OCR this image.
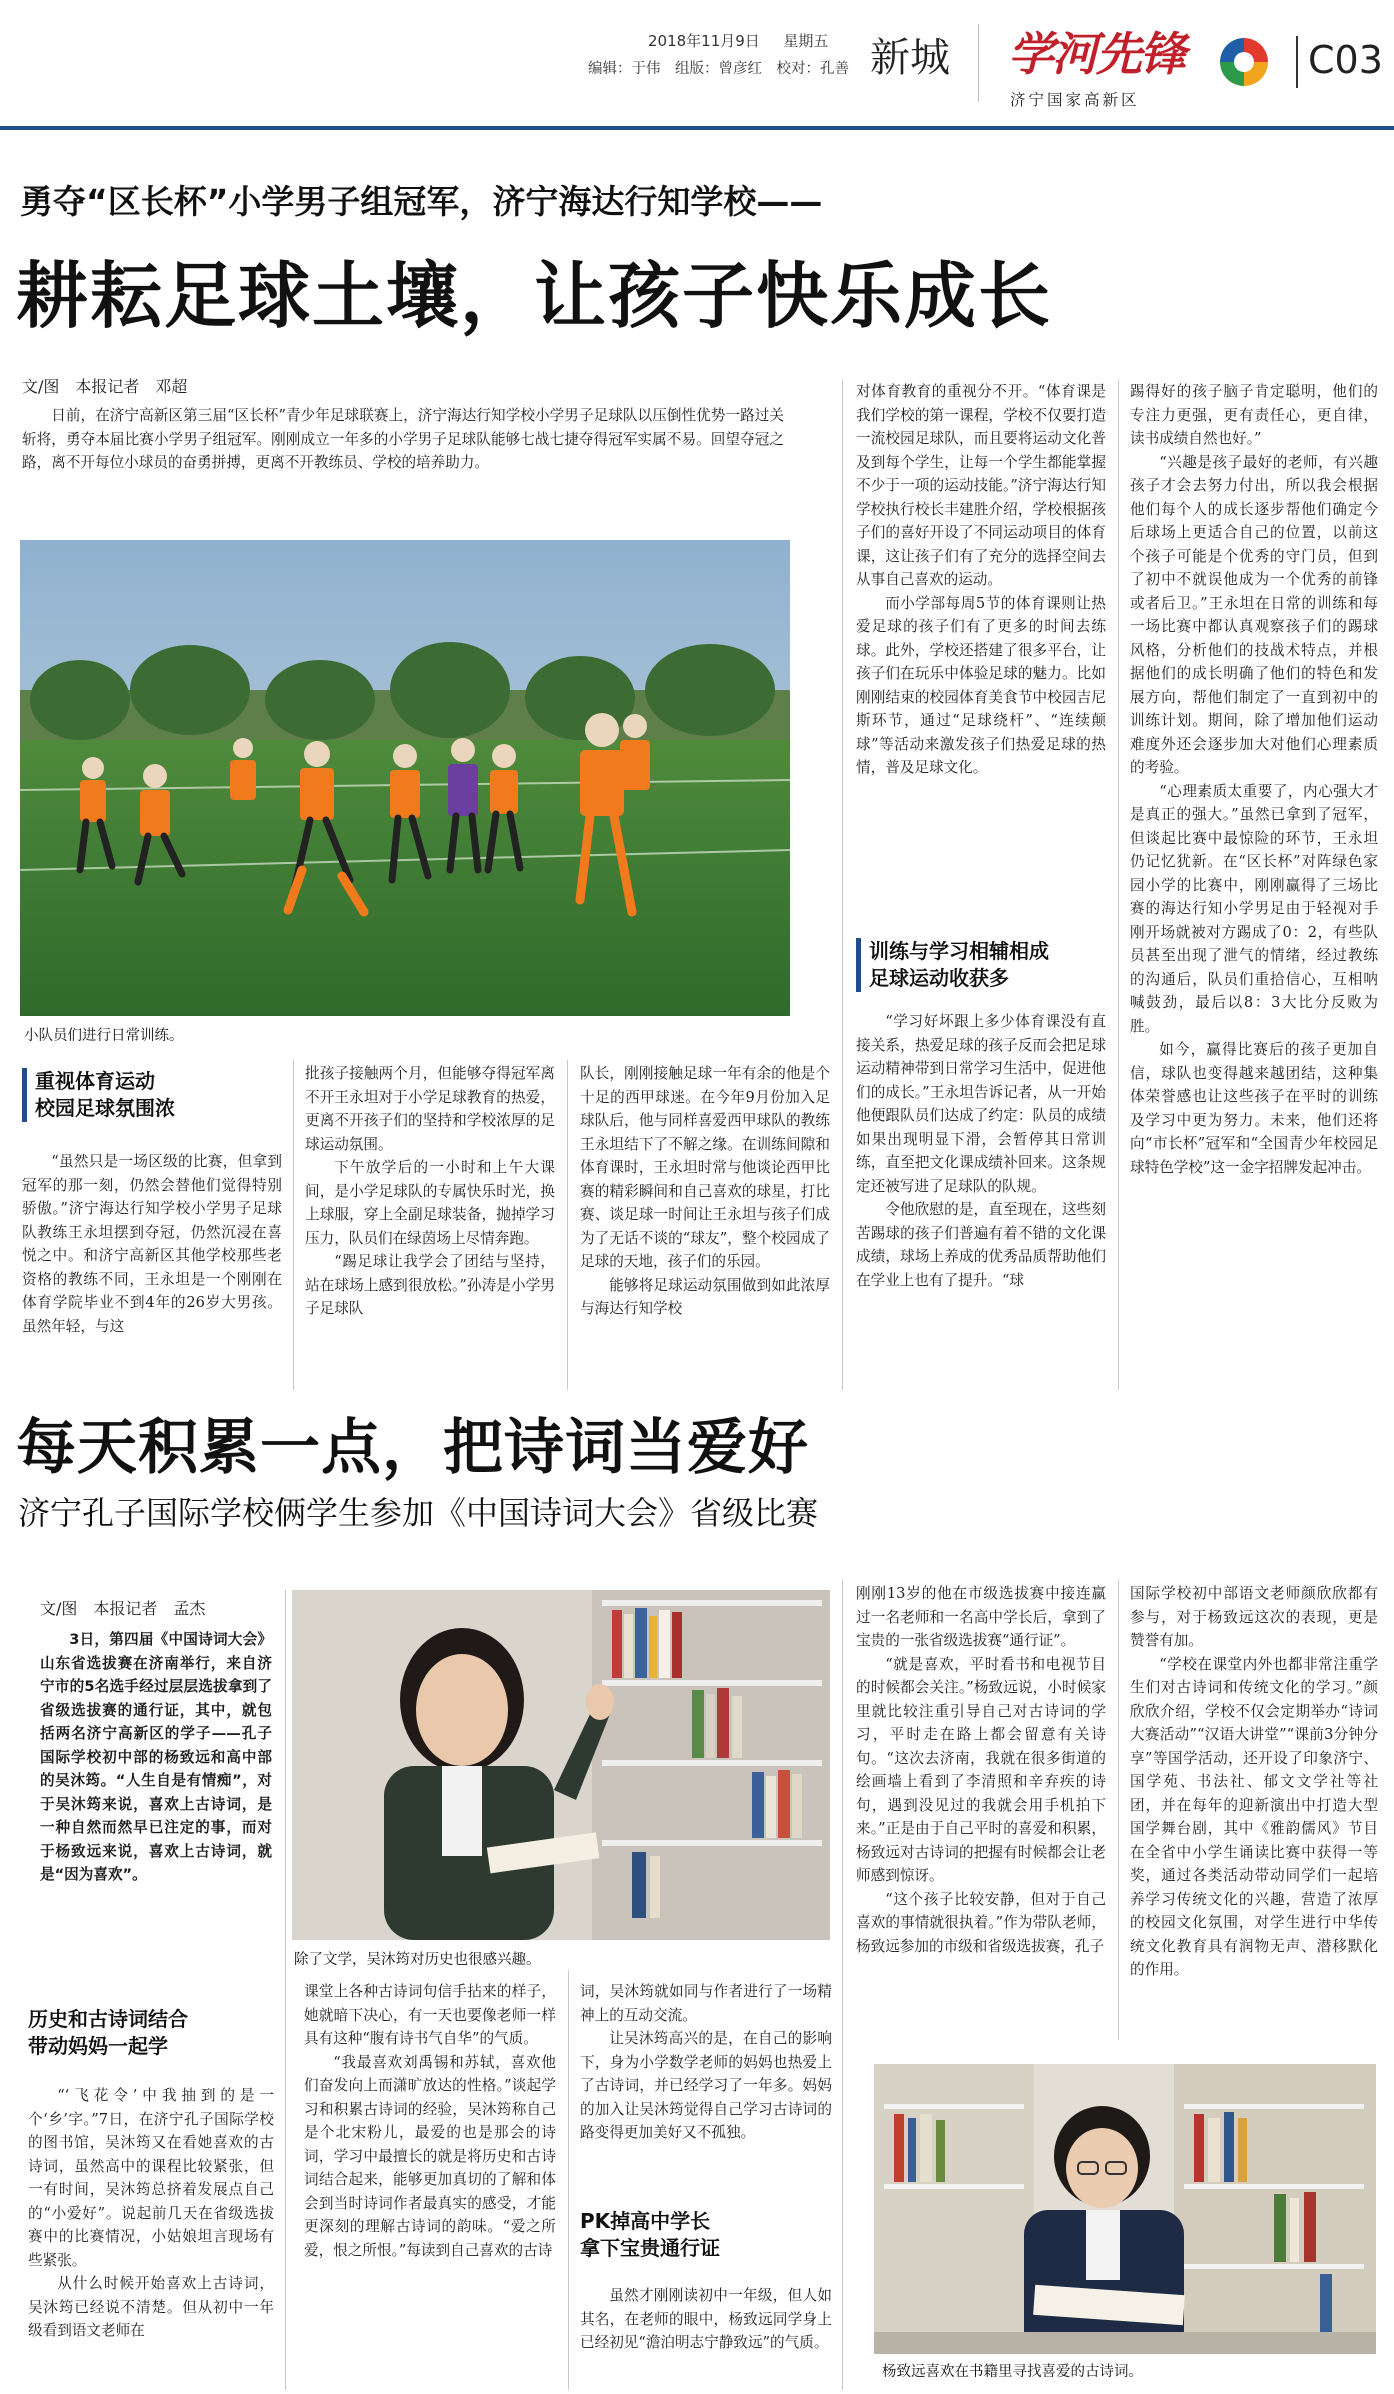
2018年11月9日 星期五
编辑：于伟　组版：曾彦红　校对：孔善 新城 学河先锋
济宁国家高新区
C03
勇夺“区长杯”小学男子组冠军，济宁海达行知学校——
耕耘足球土壤，让孩子快乐成长
文/图　本报记者　邓超

日前，在济宁高新区第三届“区长杯”青少年足球联赛上，济宁海达行知学校小学男子足球队以压倒性优势一路过关斩将，勇夺本届比赛小学男子组冠军。刚刚成立一年多的小学男子足球队能够七战七捷夺得冠军实属不易。回望夺冠之路，离不开每位小球员的奋勇拼搏，更离不开教练员、学校的培养助力。

小队员们进行日常训练。
重视体育运动
校园足球氛围浓

“虽然只是一场区级的比赛，但拿到冠军的那一刻，仍然会替他们觉得特别骄傲。”济宁海达行知学校小学男子足球队教练王永坦摆到夺冠，仍然沉浸在喜悦之中。和济宁高新区其他学校那些老资格的教练不同，王永坦是一个刚刚在体育学院毕业不到4年的26岁大男孩。虽然年轻，与这

批孩子接触两个月，但能够夺得冠军离不开王永坦对于小学足球教育的热爱，更离不开孩子们的坚持和学校浓厚的足球运动氛围。

下午放学后的一小时和上午大课间，是小学足球队的专属快乐时光，换上球服，穿上全副足球装备，抛掉学习压力，队员们在绿茵场上尽情奔跑。

“踢足球让我学会了团结与坚持，站在球场上感到很放松。”孙涛是小学男子足球队

队长，刚刚接触足球一年有余的他是个十足的西甲球迷。在今年9月份加入足球队后，他与同样喜爱西甲球队的教练王永坦结下了不解之缘。在训练间隙和体育课时，王永坦时常与他谈论西甲比赛的精彩瞬间和自己喜欢的球星，打比赛、谈足球一时间让王永坦与孩子们成为了无话不谈的“球友”，整个校园成了足球的天地，孩子们的乐园。

能够将足球运动氛围做到如此浓厚与海达行知学校

对体育教育的重视分不开。“体育课是我们学校的第一课程，学校不仅要打造一流校园足球队，而且要将运动文化普及到每个学生，让每一个学生都能掌握不少于一项的运动技能。”济宁海达行知学校执行校长丰建胜介绍，学校根据孩子们的喜好开设了不同运动项目的体育课，这让孩子们有了充分的选择空间去从事自己喜欢的运动。

而小学部每周5节的体育课则让热爱足球的孩子们有了更多的时间去练球。此外，学校还搭建了很多平台，让孩子们在玩乐中体验足球的魅力。比如刚刚结束的校园体育美食节中校园吉尼斯环节，通过“足球绕杆”、“连续颠球”等活动来激发孩子们热爱足球的热情，普及足球文化。

训练与学习相辅相成
足球运动收获多

“学习好坏跟上多少体育课没有直接关系，热爱足球的孩子反而会把足球运动精神带到日常学习生活中，促进他们的成长。”王永坦告诉记者，从一开始他便跟队员们达成了约定：队员的成绩如果出现明显下滑，会暂停其日常训练，直至把文化课成绩补回来。这条规定还被写进了足球队的队规。

令他欣慰的是，直至现在，这些刻苦踢球的孩子们普遍有着不错的文化课成绩，球场上养成的优秀品质帮助他们在学业上也有了提升。“球

踢得好的孩子脑子肯定聪明，他们的专注力更强，更有责任心，更自律，读书成绩自然也好。”

“兴趣是孩子最好的老师，有兴趣孩子才会去努力付出，所以我会根据他们每个人的成长逐步帮他们确定今后球场上更适合自己的位置，以前这个孩子可能是个优秀的守门员，但到了初中不就误他成为一个优秀的前锋或者后卫。”王永坦在日常的训练和每一场比赛中都认真观察孩子们的踢球风格，分析他们的技战术特点，并根据他们的成长明确了他们的特色和发展方向，帮他们制定了一直到初中的训练计划。期间，除了增加他们运动难度外还会逐步加大对他们心理素质的考验。

“心理素质太重要了，内心强大才是真正的强大。”虽然已拿到了冠军，但谈起比赛中最惊险的环节，王永坦仍记忆犹新。在“区长杯”对阵绿色家园小学的比赛中，刚刚赢得了三场比赛的海达行知小学男足由于轻视对手刚开场就被对方踢成了0：2，有些队员甚至出现了泄气的情绪，经过教练的沟通后，队员们重拾信心，互相呐喊鼓劲，最后以8：3大比分反败为胜。

如今，赢得比赛后的孩子更加自信，球队也变得越来越团结，这种集体荣誉感也让这些孩子在平时的训练及学习中更为努力。未来，他们还将向“市长杯”冠军和“全国青少年校园足球特色学校”这一金字招牌发起冲击。

每天积累一点，把诗词当爱好
济宁孔子国际学校俩学生参加《中国诗词大会》省级比赛
文/图　本报记者　孟杰

3日，第四届《中国诗词大会》山东省选拔赛在济南举行，来自济宁市的5名选手经过层层选拔拿到了省级选拔赛的通行证，其中，就包括两名济宁高新区的学子——孔子国际学校初中部的杨致远和高中部的吴沐筠。“人生自是有情痴”，对于吴沐筠来说，喜欢上古诗词，是一种自然而然早已注定的事，而对于杨致远来说，喜欢上古诗词，就是“因为喜欢”。

除了文学，吴沐筠对历史也很感兴趣。
历史和古诗词结合
带动妈妈一起学

“‘飞花令’中我抽到的是一个‘乡’字。”7日，在济宁孔子国际学校的图书馆，吴沐筠又在看她喜欢的古诗词，虽然高中的课程比较紧张，但一有时间，吴沐筠总挤着发展点自己的“小爱好”。说起前几天在省级选拔赛中的比赛情况，小姑娘坦言现场有些紧张。

从什么时候开始喜欢上古诗词，吴沐筠已经说不清楚。但从初中一年级看到语文老师在

课堂上各种古诗词句信手拈来的样子，她就暗下决心，有一天也要像老师一样具有这种“腹有诗书气自华”的气质。

“我最喜欢刘禹锡和苏轼，喜欢他们奋发向上而潇旷放达的性格。”谈起学习和积累古诗词的经验，吴沐筠称自己是个北宋粉儿，最爱的也是那会的诗词，学习中最擅长的就是将历史和古诗词结合起来，能够更加真切的了解和体会到当时诗词作者最真实的感受，才能更深刻的理解古诗词的韵味。“爱之所爱，恨之所恨。”每读到自己喜欢的古诗

词，吴沐筠就如同与作者进行了一场精神上的互动交流。

让吴沐筠高兴的是，在自己的影响下，身为小学数学老师的妈妈也热爱上了古诗词，并已经学习了一年多。妈妈的加入让吴沐筠觉得自己学习古诗词的路变得更加美好又不孤独。

PK掉高中学长
拿下宝贵通行证

虽然才刚刚读初中一年级，但人如其名，在老师的眼中，杨致远同学身上已经初见“澹泊明志宁静致远”的气质。

刚刚13岁的他在市级选拔赛中接连赢过一名老师和一名高中学长后，拿到了宝贵的一张省级选拔赛“通行证”。

“就是喜欢，平时看书和电视节目的时候都会关注。”杨致远说，小时候家里就比较注重引导自己对古诗词的学习，平时走在路上都会留意有关诗句。“这次去济南，我就在很多街道的绘画墙上看到了李清照和辛弃疾的诗句，遇到没见过的我就会用手机拍下来。”正是由于自己平时的喜爱和积累，杨致远对古诗词的把握有时候都会让老师感到惊讶。

“这个孩子比较安静，但对于自己喜欢的事情就很执着。”作为带队老师，杨致远参加的市级和省级选拔赛，孔子

国际学校初中部语文老师颜欣欣都有参与，对于杨致远这次的表现，更是赞誉有加。

“学校在课堂内外也都非常注重学生们对古诗词和传统文化的学习。”颜欣欣介绍，学校不仅会定期举办“诗词大赛活动”“汉语大讲堂”“课前3分钟分享”等国学活动，还开设了印象济宁、国学苑、书法社、郁文文学社等社团，并在每年的迎新演出中打造大型国学舞台剧，其中《雅韵儒风》节目在全省中小学生诵读比赛中获得一等奖，通过各类活动带动同学们一起培养学习传统文化的兴趣，营造了浓厚的校园文化氛围，对学生进行中华传统文化教育具有润物无声、潜移默化的作用。

杨致远喜欢在书籍里寻找喜爱的古诗词。
